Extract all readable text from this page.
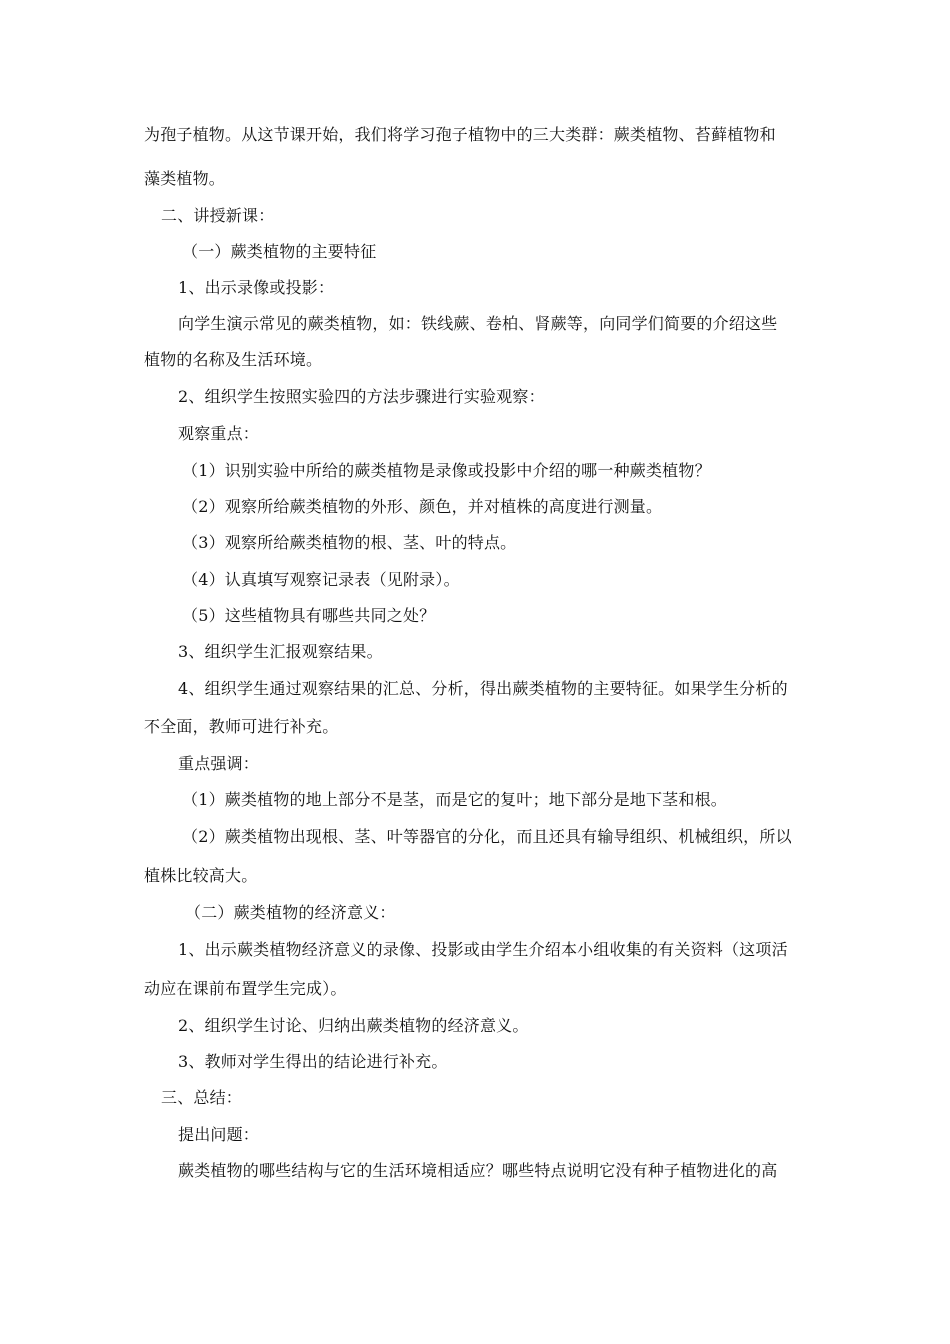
为孢子植物。从这节课开始，我们将学习孢子植物中的三大类群：蕨类植物、苔藓植物和
藻类植物。
二、讲授新课：
（一）蕨类植物的主要特征
1、出示录像或投影：
向学生演示常见的蕨类植物，如：铁线蕨、卷柏、肾蕨等，向同学们简要的介绍这些
植物的名称及生活环境。
2、组织学生按照实验四的方法步骤进行实验观察：
观察重点：
（1）识别实验中所给的蕨类植物是录像或投影中介绍的哪一种蕨类植物？
（2）观察所给蕨类植物的外形、颜色，并对植株的高度进行测量。
（3）观察所给蕨类植物的根、茎、叶的特点。
（4）认真填写观察记录表（见附录）。
（5）这些植物具有哪些共同之处？
3、组织学生汇报观察结果。
4、组织学生通过观察结果的汇总、分析，得出蕨类植物的主要特征。如果学生分析的
不全面，教师可进行补充。
重点强调：
（1）蕨类植物的地上部分不是茎，而是它的复叶；地下部分是地下茎和根。
（2）蕨类植物出现根、茎、叶等器官的分化，而且还具有输导组织、机械组织，所以
植株比较高大。
（二）蕨类植物的经济意义：
1、出示蕨类植物经济意义的录像、投影或由学生介绍本小组收集的有关资料（这项活
动应在课前布置学生完成）。
2、组织学生讨论、归纳出蕨类植物的经济意义。
3、教师对学生得出的结论进行补充。
三、总结：
提出问题：
蕨类植物的哪些结构与它的生活环境相适应？哪些特点说明它没有种子植物进化的高
